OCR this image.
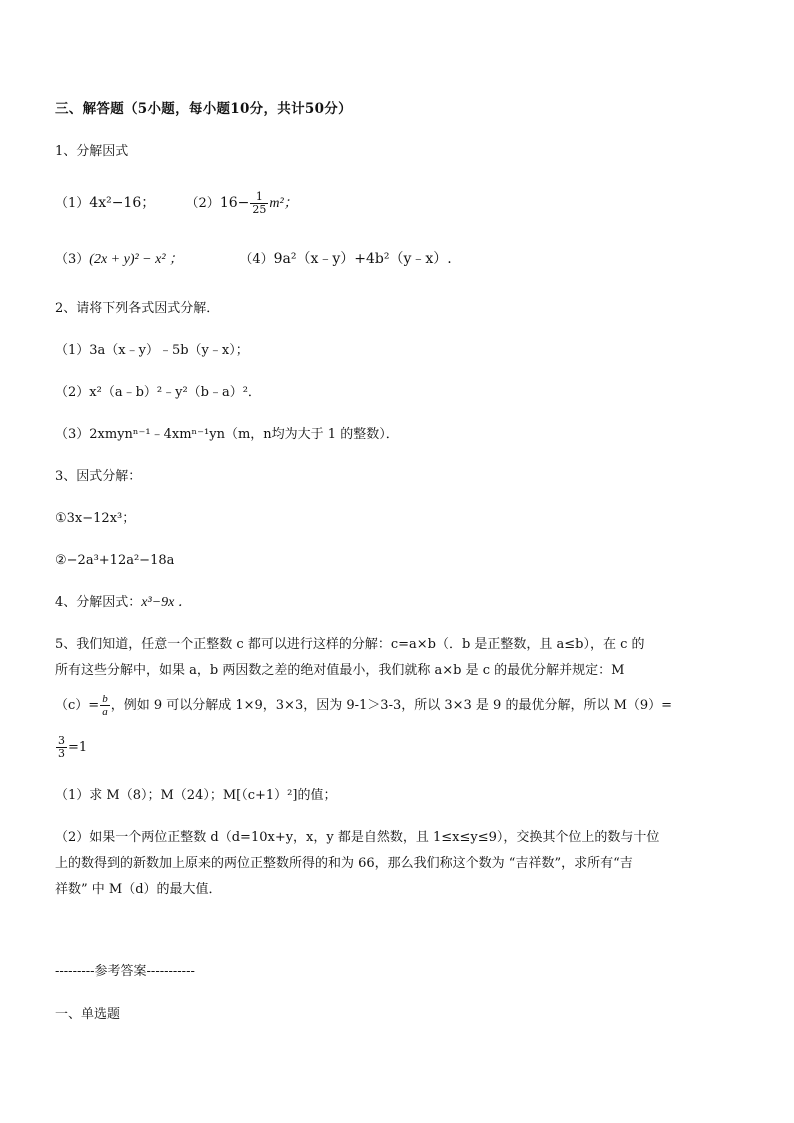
三、解答题（5小题，每小题10分，共计50分）
1、分解因式
（1）4x²−16； $(2)16- \frac{1}{25} m^2$；
（3）(2x + y)² − x² ；	（4）9a²（x﹣y）+4b²（y﹣x）.
2、请将下列各式因式分解．
（1）3a（x﹣y）﹣5b（y﹣x）；
（2）x²（a﹣b）²﹣y²（b﹣a）²．
（3）2xmynⁿ⁻¹﹣4xmⁿ⁻¹yn（m，n均为大于 1 的整数）．
3、因式分解：
①3x−12x³；
②−2a³+12a²−18a
4、分解因式：x³−9x ．
5、我们知道，任意一个正整数 c 都可以进行这样的分解：c=a×b（．b 是正整数，且 a≤b），在 c 的
所有这些分解中，如果 a，b 两因数之差的绝对值最小，我们就称 a×b 是 c 的最优分解并规定：M
$(c)= \frac{b}{a}$ ，例如 9 可以分解成 1×9，3×3，因为 9-1＞3-3，所以 3×3 是 9 的最优分解，所以 M（9）=
$\frac{3}{3} =1$
（1）求 M（8）；M（24）；M[（c+1）²]的值；
（2）如果一个两位正整数 d（d=10x+y，x，y 都是自然数，且 1≤x≤y≤9），交换其个位上的数与十位
上的数得到的新数加上原来的两位正整数所得的和为 66，那么我们称这个数为 “吉祥数”，求所有“吉
祥数” 中 M（d）的最大值．
---------参考答案-----------
一、单选题
